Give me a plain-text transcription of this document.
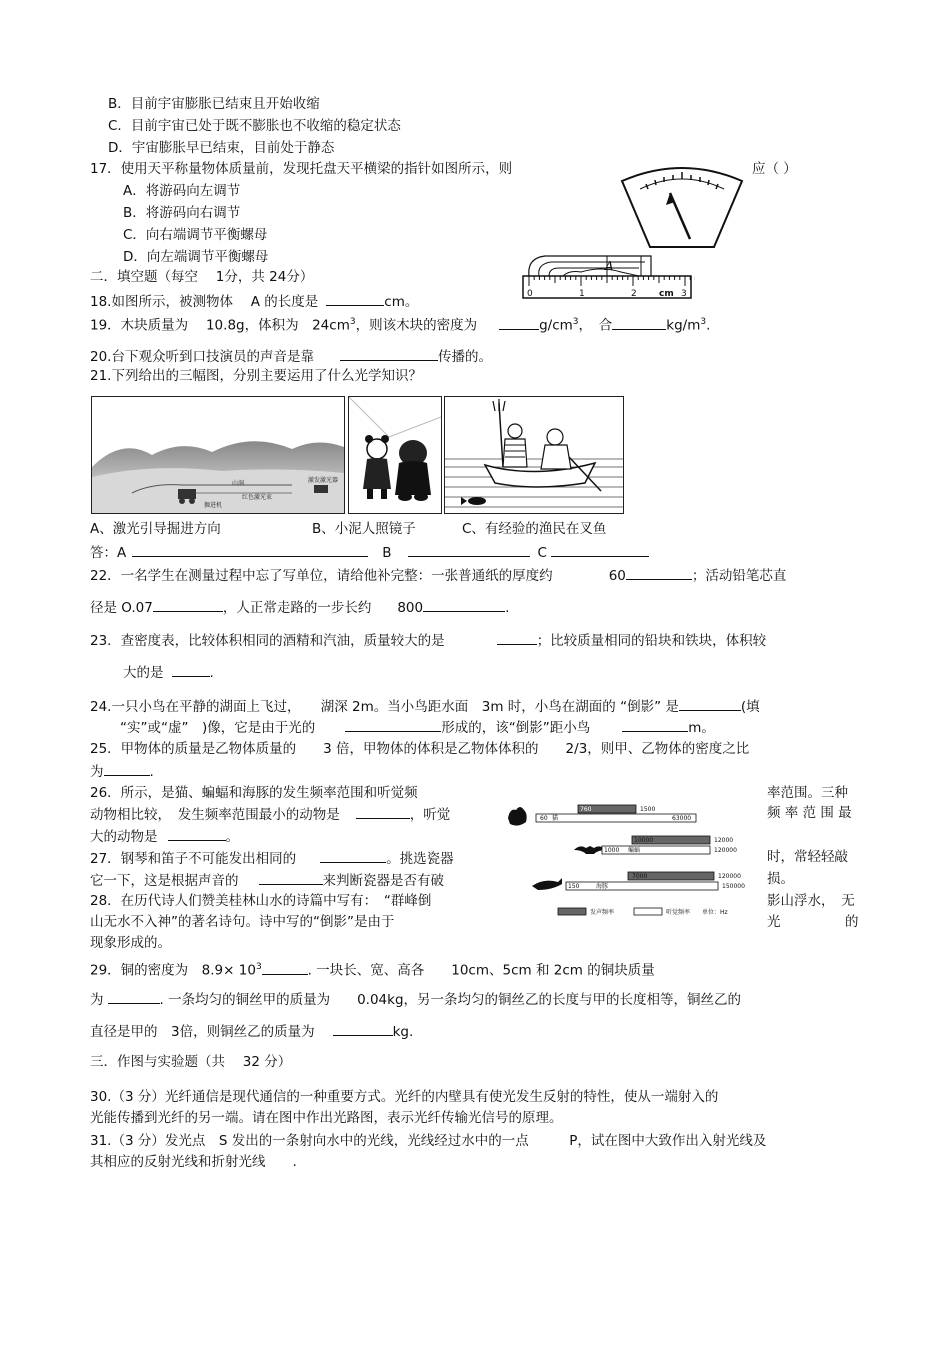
B．目前宇宙膨胀已结束且开始收缩
C．目前宇宙已处于既不膨胀也不收缩的稳定状态
D．宇宙膨胀早已结束，目前处于静态
17．使用天平称量物体质量前，发现托盘天平横梁的指针如图所示，则	应（ ）
A．将游码向左调节
B．将游码向右调节
C．向右端调节平衡螺母
D．向左端调节平衡螺母
二．填空题（每空　 1分，共 24分）
A
0	1	2 cm 3
18.如图所示，被测物体　 A 的长度是	cm。
19．木块质量为　 10.8g，体积为　$24cm^3$，则该木块的密度为	$g/cm^3$，　合	$kg/m^3$.
20.台下观众听到口技演员的声音是靠	传播的。
21.下列给出的三幅图，分别主要运用了什么光学知识？
山洞	激发激光器
掘进机
红色激光束
A、激光引导掘进方向	B、小泥人照镜子	C、有经验的渔民在叉鱼
答：A	B	C
22．一名学生在测量过程中忘了写单位，请给他补完整：一张普通纸的厚度约	60	；活动铅笔芯直
径是 O.07	，人正常走路的一步长约 800	.
23．查密度表，比较体积相同的酒精和汽油，质量较大的是	；比较质量相同的铅块和铁块，体积较
大的是	.
24.一只小鸟在平静的湖面上飞过，　　湖深 2m。当小鸟距水面　3m 时，小鸟在湖面的 “倒影” 是	(填
“实”或“虚”　)像，它是由于光的	形成的，该“倒影”距小鸟	m。
25．甲物体的质量是乙物体质量的　　3 倍，甲物体的体积是乙物体体积的　　2/3，则甲、乙物体的密度之比
为	.
26．所示，是猫、蝙蝠和海豚的发生频率范围和听觉频	率范围。三种
动物相比较，　发生频率范围最小的动物是	，听觉	频 率 范 围 最
大的动物是	。
760	1500
60 猫	63000
10000	12000
1000 蝙蝠	120000
7000	120000
150	海豚	150000
发声频率	听觉频率 单位：Hz
27．钢琴和笛子不可能发出相同的	。挑选瓷器	时，常轻轻敲
它一下，这是根据声音的	来判断瓷器是否有破	损。
28．在历代诗人们赞美桂林山水的诗篇中写有：　“群峰倒	影山浮水，　无
山无水不入神”的著名诗句。诗中写的“倒影”是由于	光	的
现象形成的。
29．铜的密度为　$8.9\times 10^3$	. 一块长、宽、高各　　10cm、5cm 和 2cm 的铜块质量
为	. 一条均匀的铜丝甲的质量为　　0.04kg，另一条均匀的铜丝乙的长度与甲的长度相等，铜丝乙的
直径是甲的　3倍，则铜丝乙的质量为	kg.
三．作图与实验题（共　 32 分）
30.（3 分）光纤通信是现代通信的一种重要方式。光纤的内壁具有使光发生反射的特性，使从一端射入的
光能传播到光纤的另一端。请在图中作出光路图，表示光纤传输光信号的原理。
31.（3 分）发光点　S 发出的一条射向水中的光线，光线经过水中的一点　　　P，试在图中大致作出入射光线及
其相应的反射光线和折射光线　　.
